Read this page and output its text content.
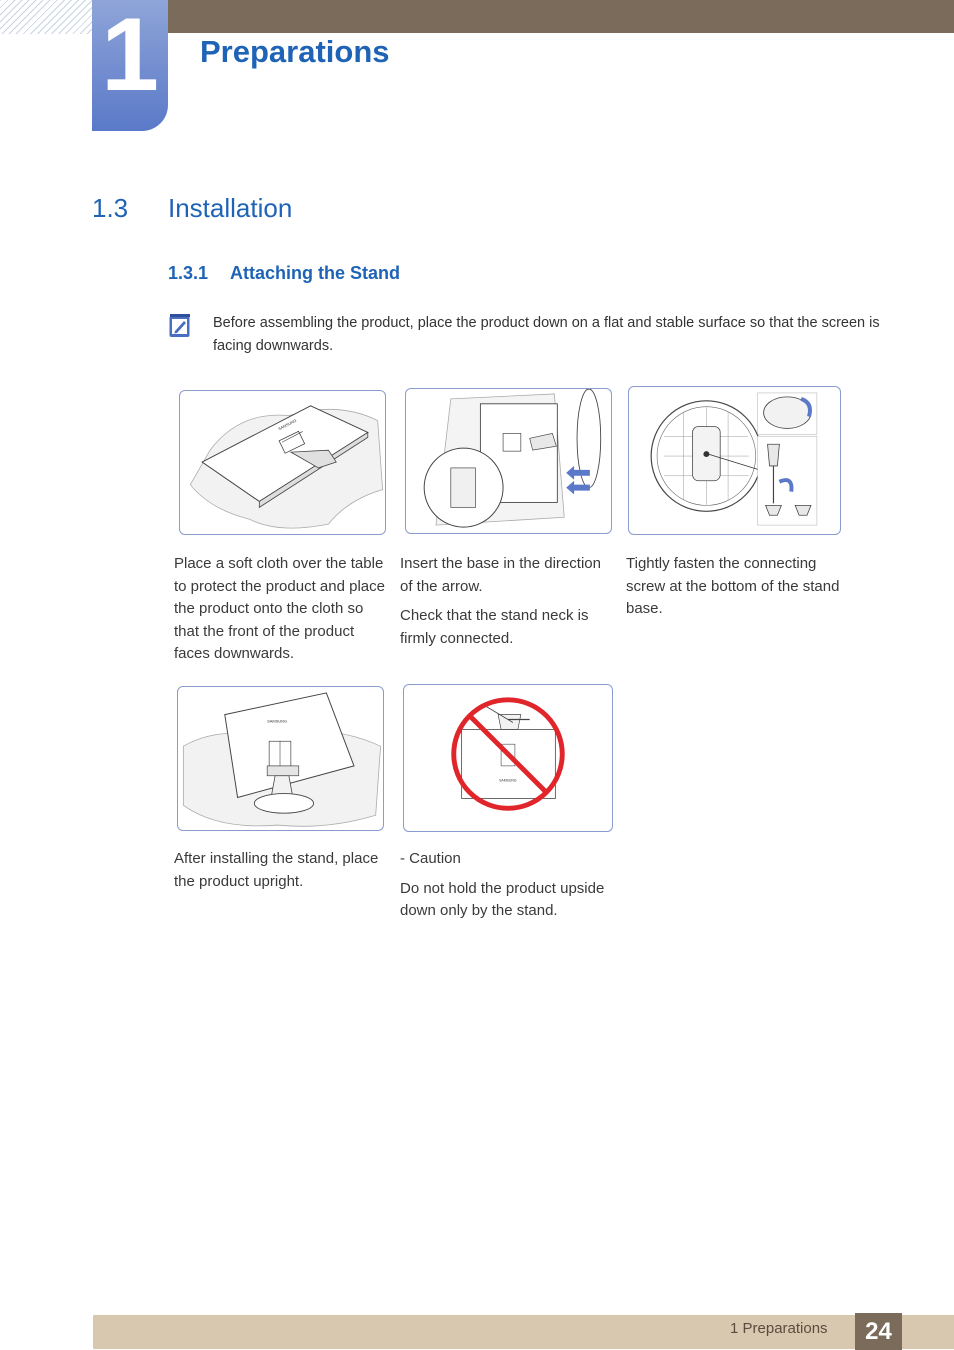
1 Preparations
1.3 Installation
1.3.1 Attaching the Stand
Before assembling the product, place the product down on a flat and stable surface so that the screen is facing downwards.
SAMSUNG
SAMSUNG
SAMSUNG

Place a soft cloth over the table to protect the product and place the product onto the cloth so that the front of the product faces downwards.

Insert the base in the direction of the arrow.

Check that the stand neck is firmly connected.

Tightly fasten the connecting screw at the bottom of the stand base.

After installing the stand, place the product upright.

- Caution

Do not hold the product upside down only by the stand.

1 Preparations	24
